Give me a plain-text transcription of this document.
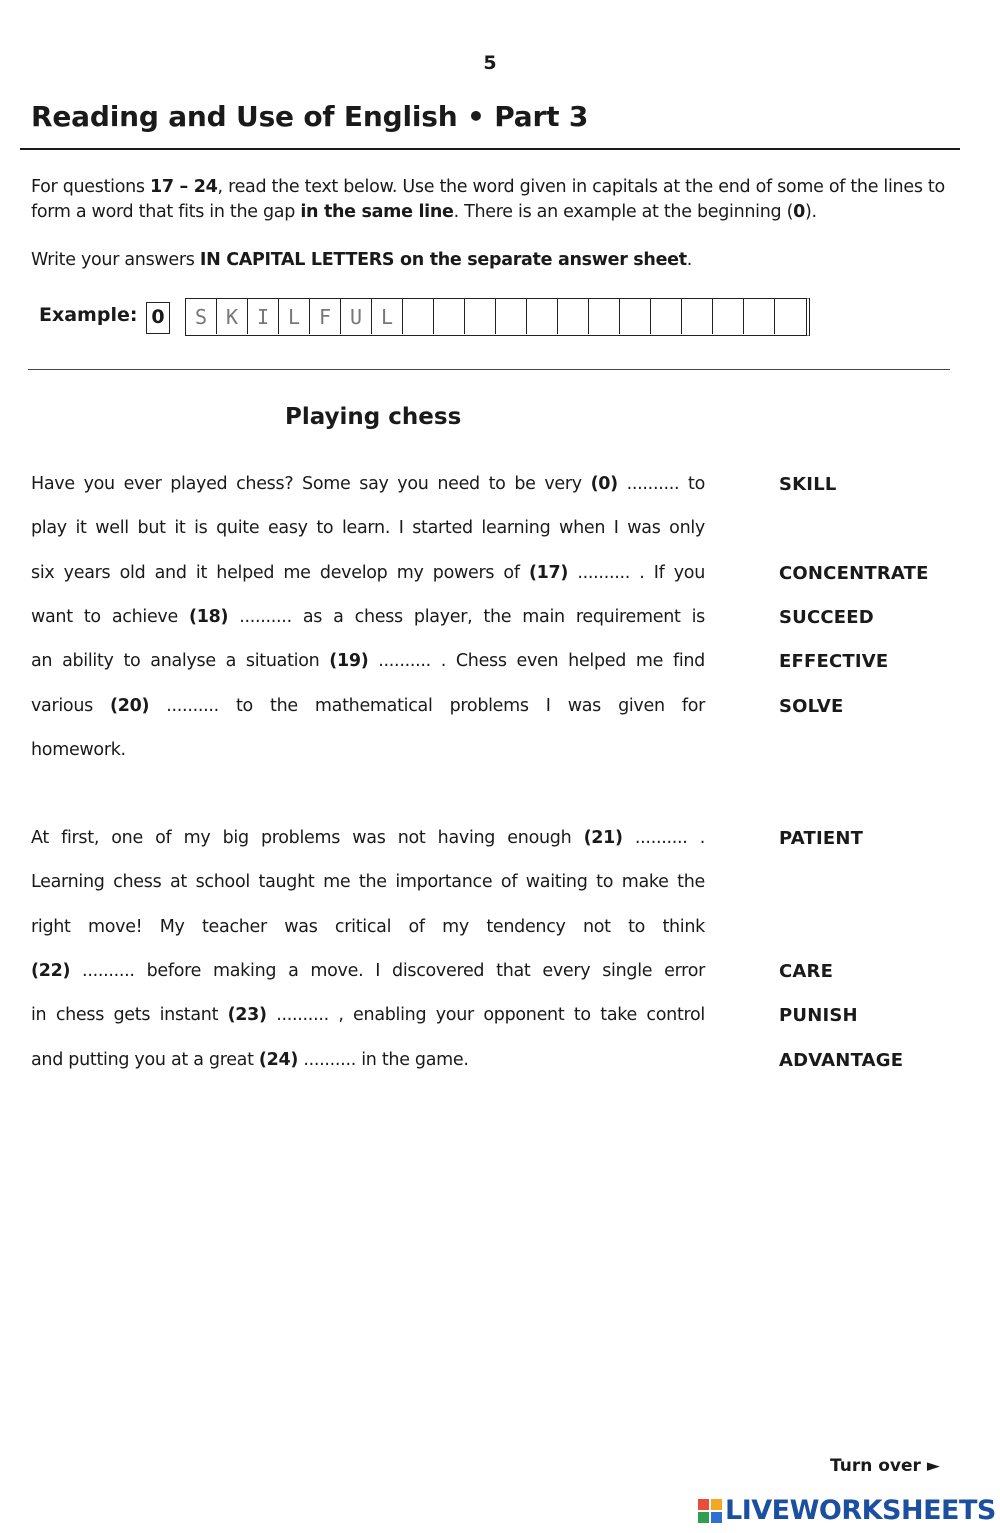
5
Reading and Use of English • Part 3
For questions 17 – 24, read the text below. Use the word given in capitals at the end of some of the lines to form a word that fits in the gap in the same line. There is an example at the beginning (0).
Write your answers IN CAPITAL LETTERS on the separate answer sheet.
Example: 0	S K I L F U L
Playing chess
Have you ever played chess? Some say you need to be very (0) .......... to	SKILL
play it well but it is quite easy to learn. I started learning when I was only
six years old and it helped me develop my powers of (17) .......... . If you	CONCENTRATE
want to achieve (18) .......... as a chess player, the main requirement is	SUCCEED
an ability to analyse a situation (19) .......... . Chess even helped me find	EFFECTIVE
various (20) .......... to the mathematical problems I was given for	SOLVE
homework.
At first, one of my big problems was not having enough (21) .......... .	PATIENT
Learning chess at school taught me the importance of waiting to make the
right move! My teacher was critical of my tendency not to think
(22) .......... before making a move. I discovered that every single error	CARE
in chess gets instant (23) .......... , enabling your opponent to take control	PUNISH
and putting you at a great (24) .......... in the game.	ADVANTAGE
Turn over ►
LIVEWORKSHEETS
